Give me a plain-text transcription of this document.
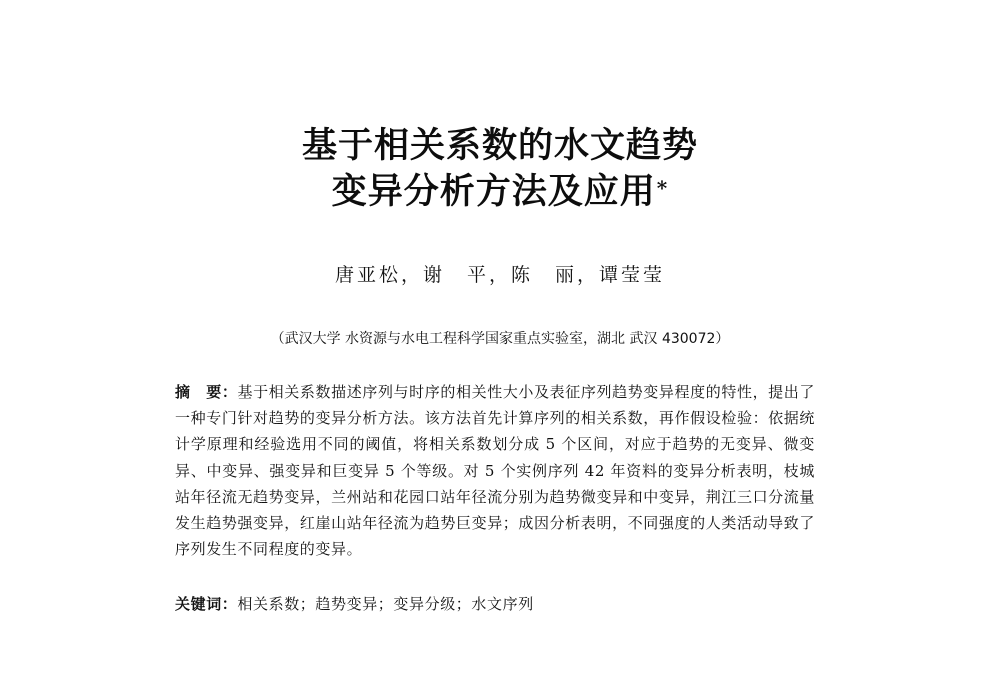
基于相关系数的水文趋势
变异分析方法及应用*
唐亚松，谢　平，陈　丽，谭莹莹
（武汉大学 水资源与水电工程科学国家重点实验室，湖北 武汉 430072）
摘　要：基于相关系数描述序列与时序的相关性大小及表征序列趋势变异程度的特性，提出了一种专门针对趋势的变异分析方法。该方法首先计算序列的相关系数，再作假设检验：依据统计学原理和经验选用不同的阈值，将相关系数划分成 5 个区间，对应于趋势的无变异、微变异、中变异、强变异和巨变异 5 个等级。对 5 个实例序列 42 年资料的变异分析表明，枝城站年径流无趋势变异，兰州站和花园口站年径流分别为趋势微变异和中变异，荆江三口分流量发生趋势强变异，红崖山站年径流为趋势巨变异；成因分析表明，不同强度的人类活动导致了序列发生不同程度的变异。
关键词：相关系数；趋势变异；变异分级；水文序列
